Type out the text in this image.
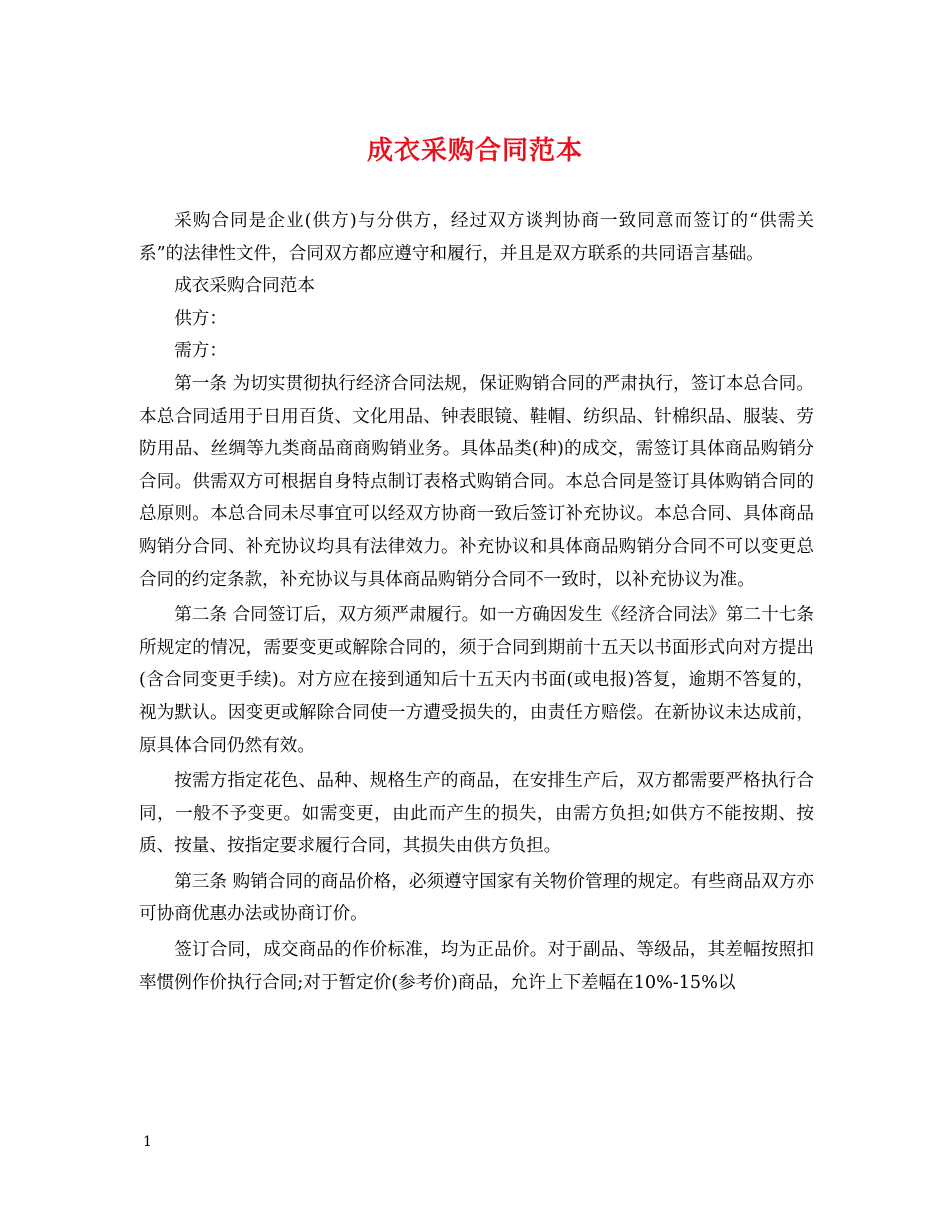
成衣采购合同范本

采购合同是企业(供方)与分供方，经过双方谈判协商一致同意而签订的“供需关系”的法律性文件，合同双方都应遵守和履行，并且是双方联系的共同语言基础。

成衣采购合同范本

供方：

需方：

第一条 为切实贯彻执行经济合同法规，保证购销合同的严肃执行，签订本总合同。本总合同适用于日用百货、文化用品、钟表眼镜、鞋帽、纺织品、针棉织品、服装、劳防用品、丝绸等九类商品商商购销业务。具体品类(种)的成交，需签订具体商品购销分合同。供需双方可根据自身特点制订表格式购销合同。本总合同是签订具体购销合同的总原则。本总合同未尽事宜可以经双方协商一致后签订补充协议。本总合同、具体商品购销分合同、补充协议均具有法律效力。补充协议和具体商品购销分合同不可以变更总合同的约定条款，补充协议与具体商品购销分合同不一致时，以补充协议为准。

第二条 合同签订后，双方须严肃履行。如一方确因发生《经济合同法》第二十七条所规定的情况，需要变更或解除合同的，须于合同到期前十五天以书面形式向对方提出(含合同变更手续)。对方应在接到通知后十五天内书面(或电报)答复，逾期不答复的，视为默认。因变更或解除合同使一方遭受损失的，由责任方赔偿。在新协议未达成前，原具体合同仍然有效。

按需方指定花色、品种、规格生产的商品，在安排生产后，双方都需要严格执行合同，一般不予变更。如需变更，由此而产生的损失，由需方负担;如供方不能按期、按质、按量、按指定要求履行合同，其损失由供方负担。

第三条 购销合同的商品价格，必须遵守国家有关物价管理的规定。有些商品双方亦可协商优惠办法或协商订价。

签订合同，成交商品的作价标准，均为正品价。对于副品、等级品，其差幅按照扣率惯例作价执行合同;对于暂定价(参考价)商品，允许上下差幅在10%-15%以

1
